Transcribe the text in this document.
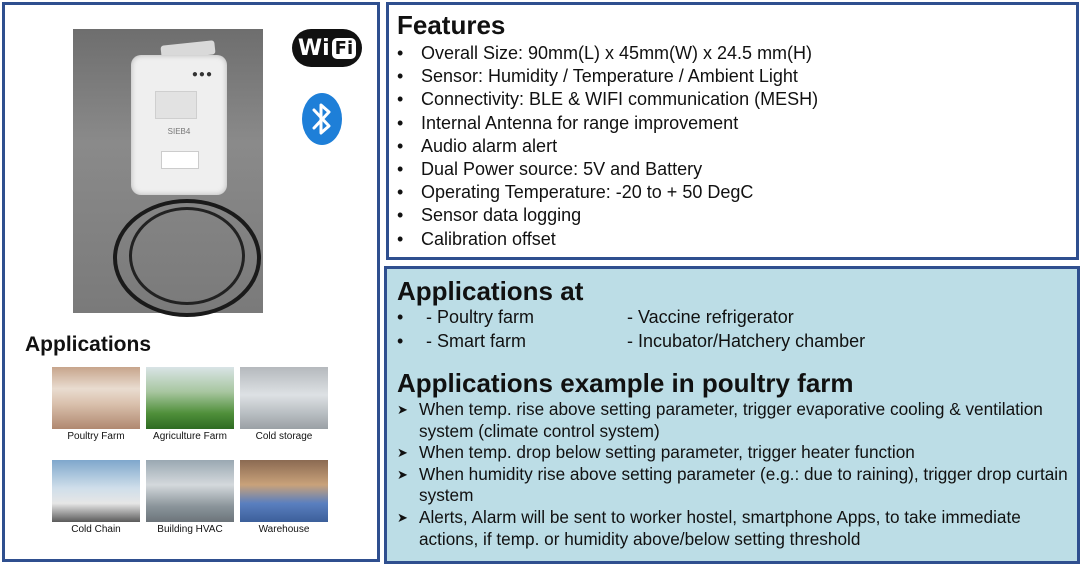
●●●
SIEB4
Wi Fi
Applications
Poultry Farm	Agriculture Farm	Cold storage
Cold Chain	Building HVAC	Warehouse
Features
• Overall Size: 90mm(L) x 45mm(W) x 24.5 mm(H)
• Sensor: Humidity / Temperature / Ambient Light
• Connectivity: BLE & WIFI communication (MESH)
• Internal Antenna for range improvement
• Audio alarm alert
• Dual Power source: 5V and Battery
• Operating Temperature: -20 to + 50 DegC
• Sensor data logging
• Calibration offset
Applications at
• - Poultry farm	- Vaccine refrigerator
• - Smart farm	- Incubator/Hatchery chamber
Applications example in poultry farm
➤ When temp. rise above setting parameter, trigger evaporative cooling & ventilation system (climate control system)
➤ When temp. drop below setting parameter, trigger heater function
➤ When humidity rise above setting parameter (e.g.: due to raining), trigger drop curtain system
➤ Alerts, Alarm will be sent to worker hostel, smartphone Apps, to take immediate actions, if temp. or humidity above/below setting threshold
